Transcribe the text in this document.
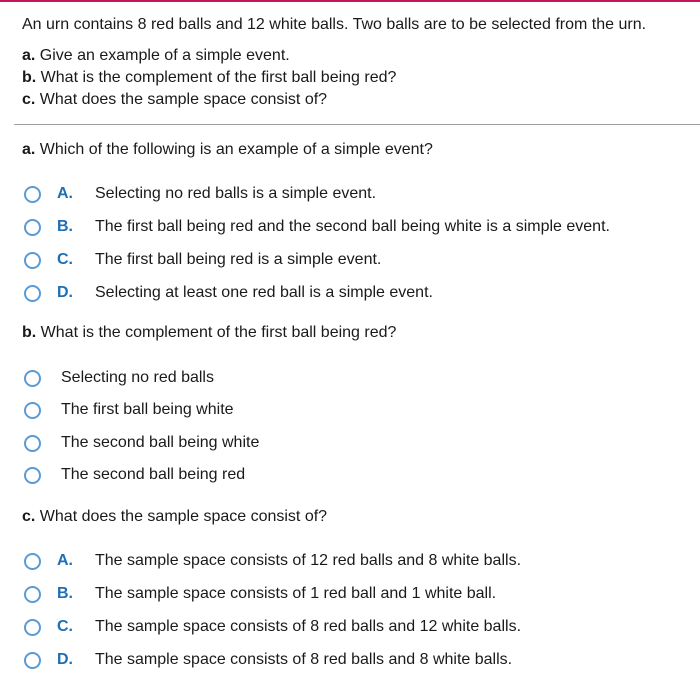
An urn contains 8 red balls and 12 white balls. Two balls are to be selected from the urn.
a. Give an example of a simple event.
b. What is the complement of the first ball being red?
c. What does the sample space consist of?
a. Which of the following is an example of a simple event?
A.	Selecting no red balls is a simple event.
B.	The first ball being red and the second ball being white is a simple event.
C.	The first ball being red is a simple event.
D.	Selecting at least one red ball is a simple event.
b. What is the complement of the first ball being red?
Selecting no red balls
The first ball being white
The second ball being white
The second ball being red
c. What does the sample space consist of?
A.	The sample space consists of 12 red balls and 8 white balls.
B.	The sample space consists of 1 red ball and 1 white ball.
C.	The sample space consists of 8 red balls and 12 white balls.
D.	The sample space consists of 8 red balls and 8 white balls.
